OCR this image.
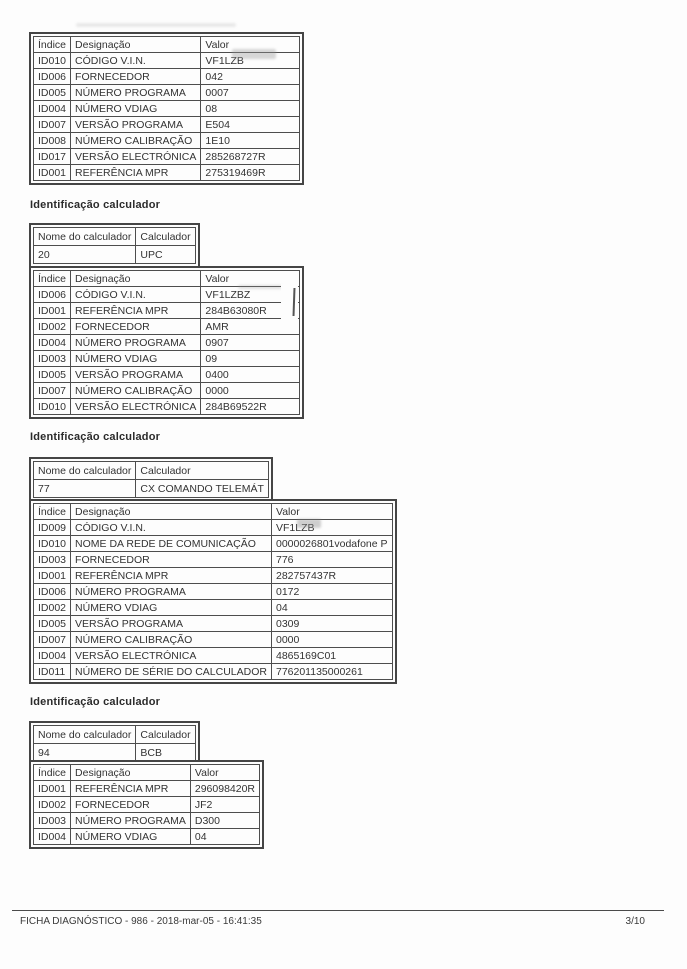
Índice	Designação	Valor
ID010	CÓDIGO V.I.N.	VF1LZB
ID006	FORNECEDOR	042
ID005	NÚMERO PROGRAMA	0007
ID004	NÚMERO VDIAG	08
ID007	VERSÃO PROGRAMA	E504
ID008	NÚMERO CALIBRAÇÃO	1E10
ID017	VERSÃO ELECTRÓNICA	285268727R
ID001	REFERÊNCIA MPR	275319469R
Identificação calculador
Nome do calculador	Calculador
20	UPC
Índice	Designação	Valor
ID006	CÓDIGO V.I.N.	VF1LZBZ
ID001	REFERÊNCIA MPR	284B63080R
ID002	FORNECEDOR	AMR
ID004	NÚMERO PROGRAMA	0907
ID003	NÚMERO VDIAG	09
ID005	VERSÃO PROGRAMA	0400
ID007	NÚMERO CALIBRAÇÃO	0000
ID010	VERSÃO ELECTRÓNICA	284B69522R
Identificação calculador
Nome do calculador	Calculador
77	CX COMANDO TELEMÁT
Índice	Designação	Valor
ID009	CÓDIGO V.I.N.	VF1LZB
ID010	NOME DA REDE DE COMUNICAÇÃO	0000026801vodafone P
ID003	FORNECEDOR	776
ID001	REFERÊNCIA MPR	282757437R
ID006	NÚMERO PROGRAMA	0172
ID002	NÚMERO VDIAG	04
ID005	VERSÃO PROGRAMA	0309
ID007	NÚMERO CALIBRAÇÃO	0000
ID004	VERSÃO ELECTRÓNICA	4865169C01
ID011	NÚMERO DE SÉRIE DO CALCULADOR	776201135000261
Identificação calculador
Nome do calculador	Calculador
94	BCB
Índice	Designação	Valor
ID001	REFERÊNCIA MPR	296098420R
ID002	FORNECEDOR	JF2
ID003	NÚMERO PROGRAMA	D300
ID004	NÚMERO VDIAG	04
FICHA DIAGNÓSTICO - 986 - 2018-mar-05 - 16:41:35	3/10
